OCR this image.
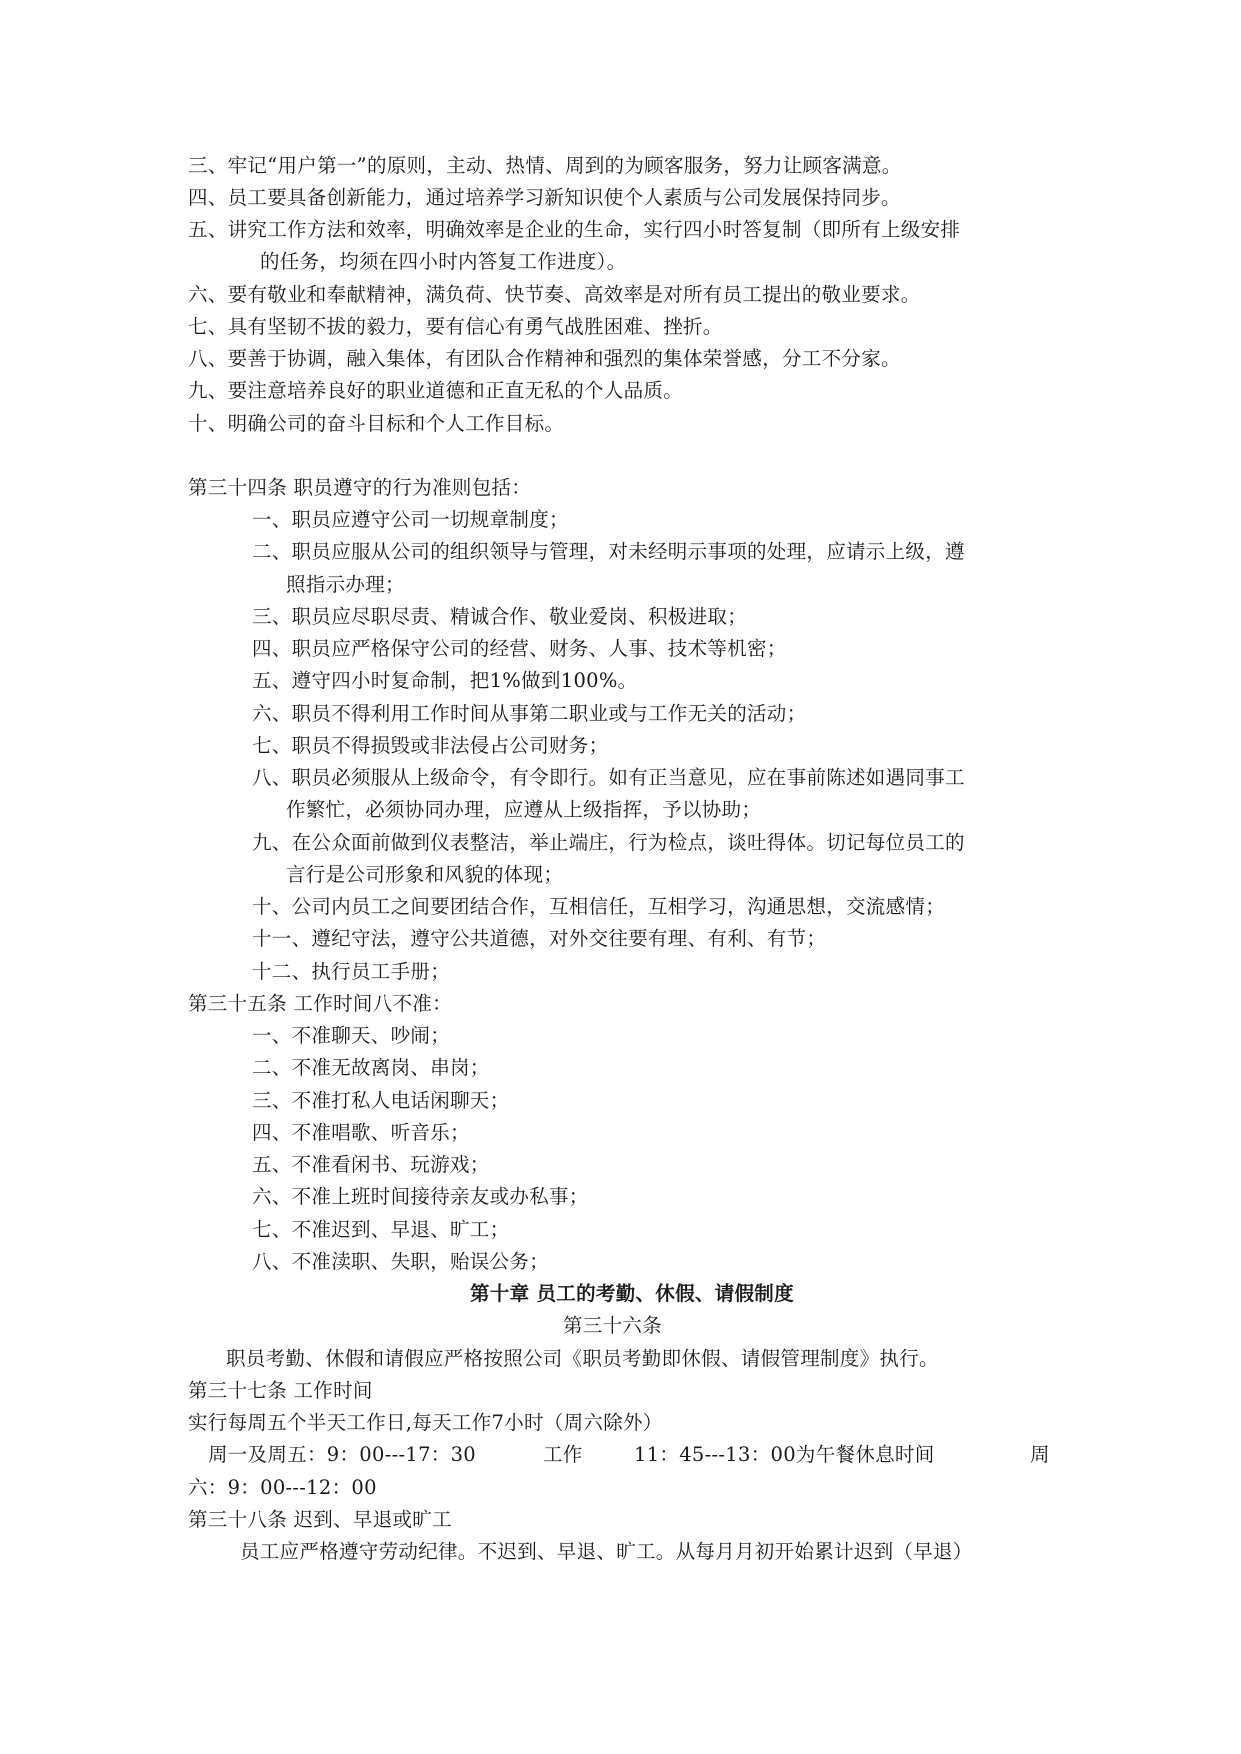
三、牢记“用户第一”的原则，主动、热情、周到的为顾客服务，努力让顾客满意。
四、员工要具备创新能力，通过培养学习新知识使个人素质与公司发展保持同步。
五、讲究工作方法和效率，明确效率是企业的生命，实行四小时答复制（即所有上级安排
的任务，均须在四小时内答复工作进度）。
六、要有敬业和奉献精神，满负荷、快节奏、高效率是对所有员工提出的敬业要求。
七、具有坚韧不拔的毅力，要有信心有勇气战胜困难、挫折。
八、要善于协调，融入集体，有团队合作精神和强烈的集体荣誉感，分工不分家。
九、要注意培养良好的职业道德和正直无私的个人品质。
十、明确公司的奋斗目标和个人工作目标。
第三十四条 职员遵守的行为准则包括：
一、职员应遵守公司一切规章制度；
二、职员应服从公司的组织领导与管理，对未经明示事项的处理，应请示上级，遵
照指示办理；
三、职员应尽职尽责、精诚合作、敬业爱岗、积极进取；
四、职员应严格保守公司的经营、财务、人事、技术等机密；
五、遵守四小时复命制，把1%做到100%。
六、职员不得利用工作时间从事第二职业或与工作无关的活动；
七、职员不得损毁或非法侵占公司财务；
八、职员必须服从上级命令，有令即行。如有正当意见，应在事前陈述如遇同事工
作繁忙，必须协同办理，应遵从上级指挥，予以协助；
九、在公众面前做到仪表整洁，举止端庄，行为检点，谈吐得体。切记每位员工的
言行是公司形象和风貌的体现；
十、公司内员工之间要团结合作，互相信任，互相学习，沟通思想，交流感情；
十一、遵纪守法，遵守公共道德，对外交往要有理、有利、有节；
十二、执行员工手册；
第三十五条 工作时间八不准：
一、不准聊天、吵闹；
二、不准无故离岗、串岗；
三、不准打私人电话闲聊天；
四、不准唱歌、听音乐；
五、不准看闲书、玩游戏；
六、不准上班时间接待亲友或办私事；
七、不准迟到、早退、旷工；
八、不准渎职、失职，贻误公务；
第十章 员工的考勤、休假、请假制度
第三十六条
职员考勤、休假和请假应严格按照公司《职员考勤即休假、请假管理制度》执行。
第三十七条 工作时间
实行每周五个半天工作日,每天工作7小时（周六除外）
周一及周五：9：00---17：30	工作	11：45---13：00为午餐休息时间	周
六：9：00---12：00
第三十八条 迟到、早退或旷工
员工应严格遵守劳动纪律。不迟到、早退、旷工。从每月月初开始累计迟到（早退）
